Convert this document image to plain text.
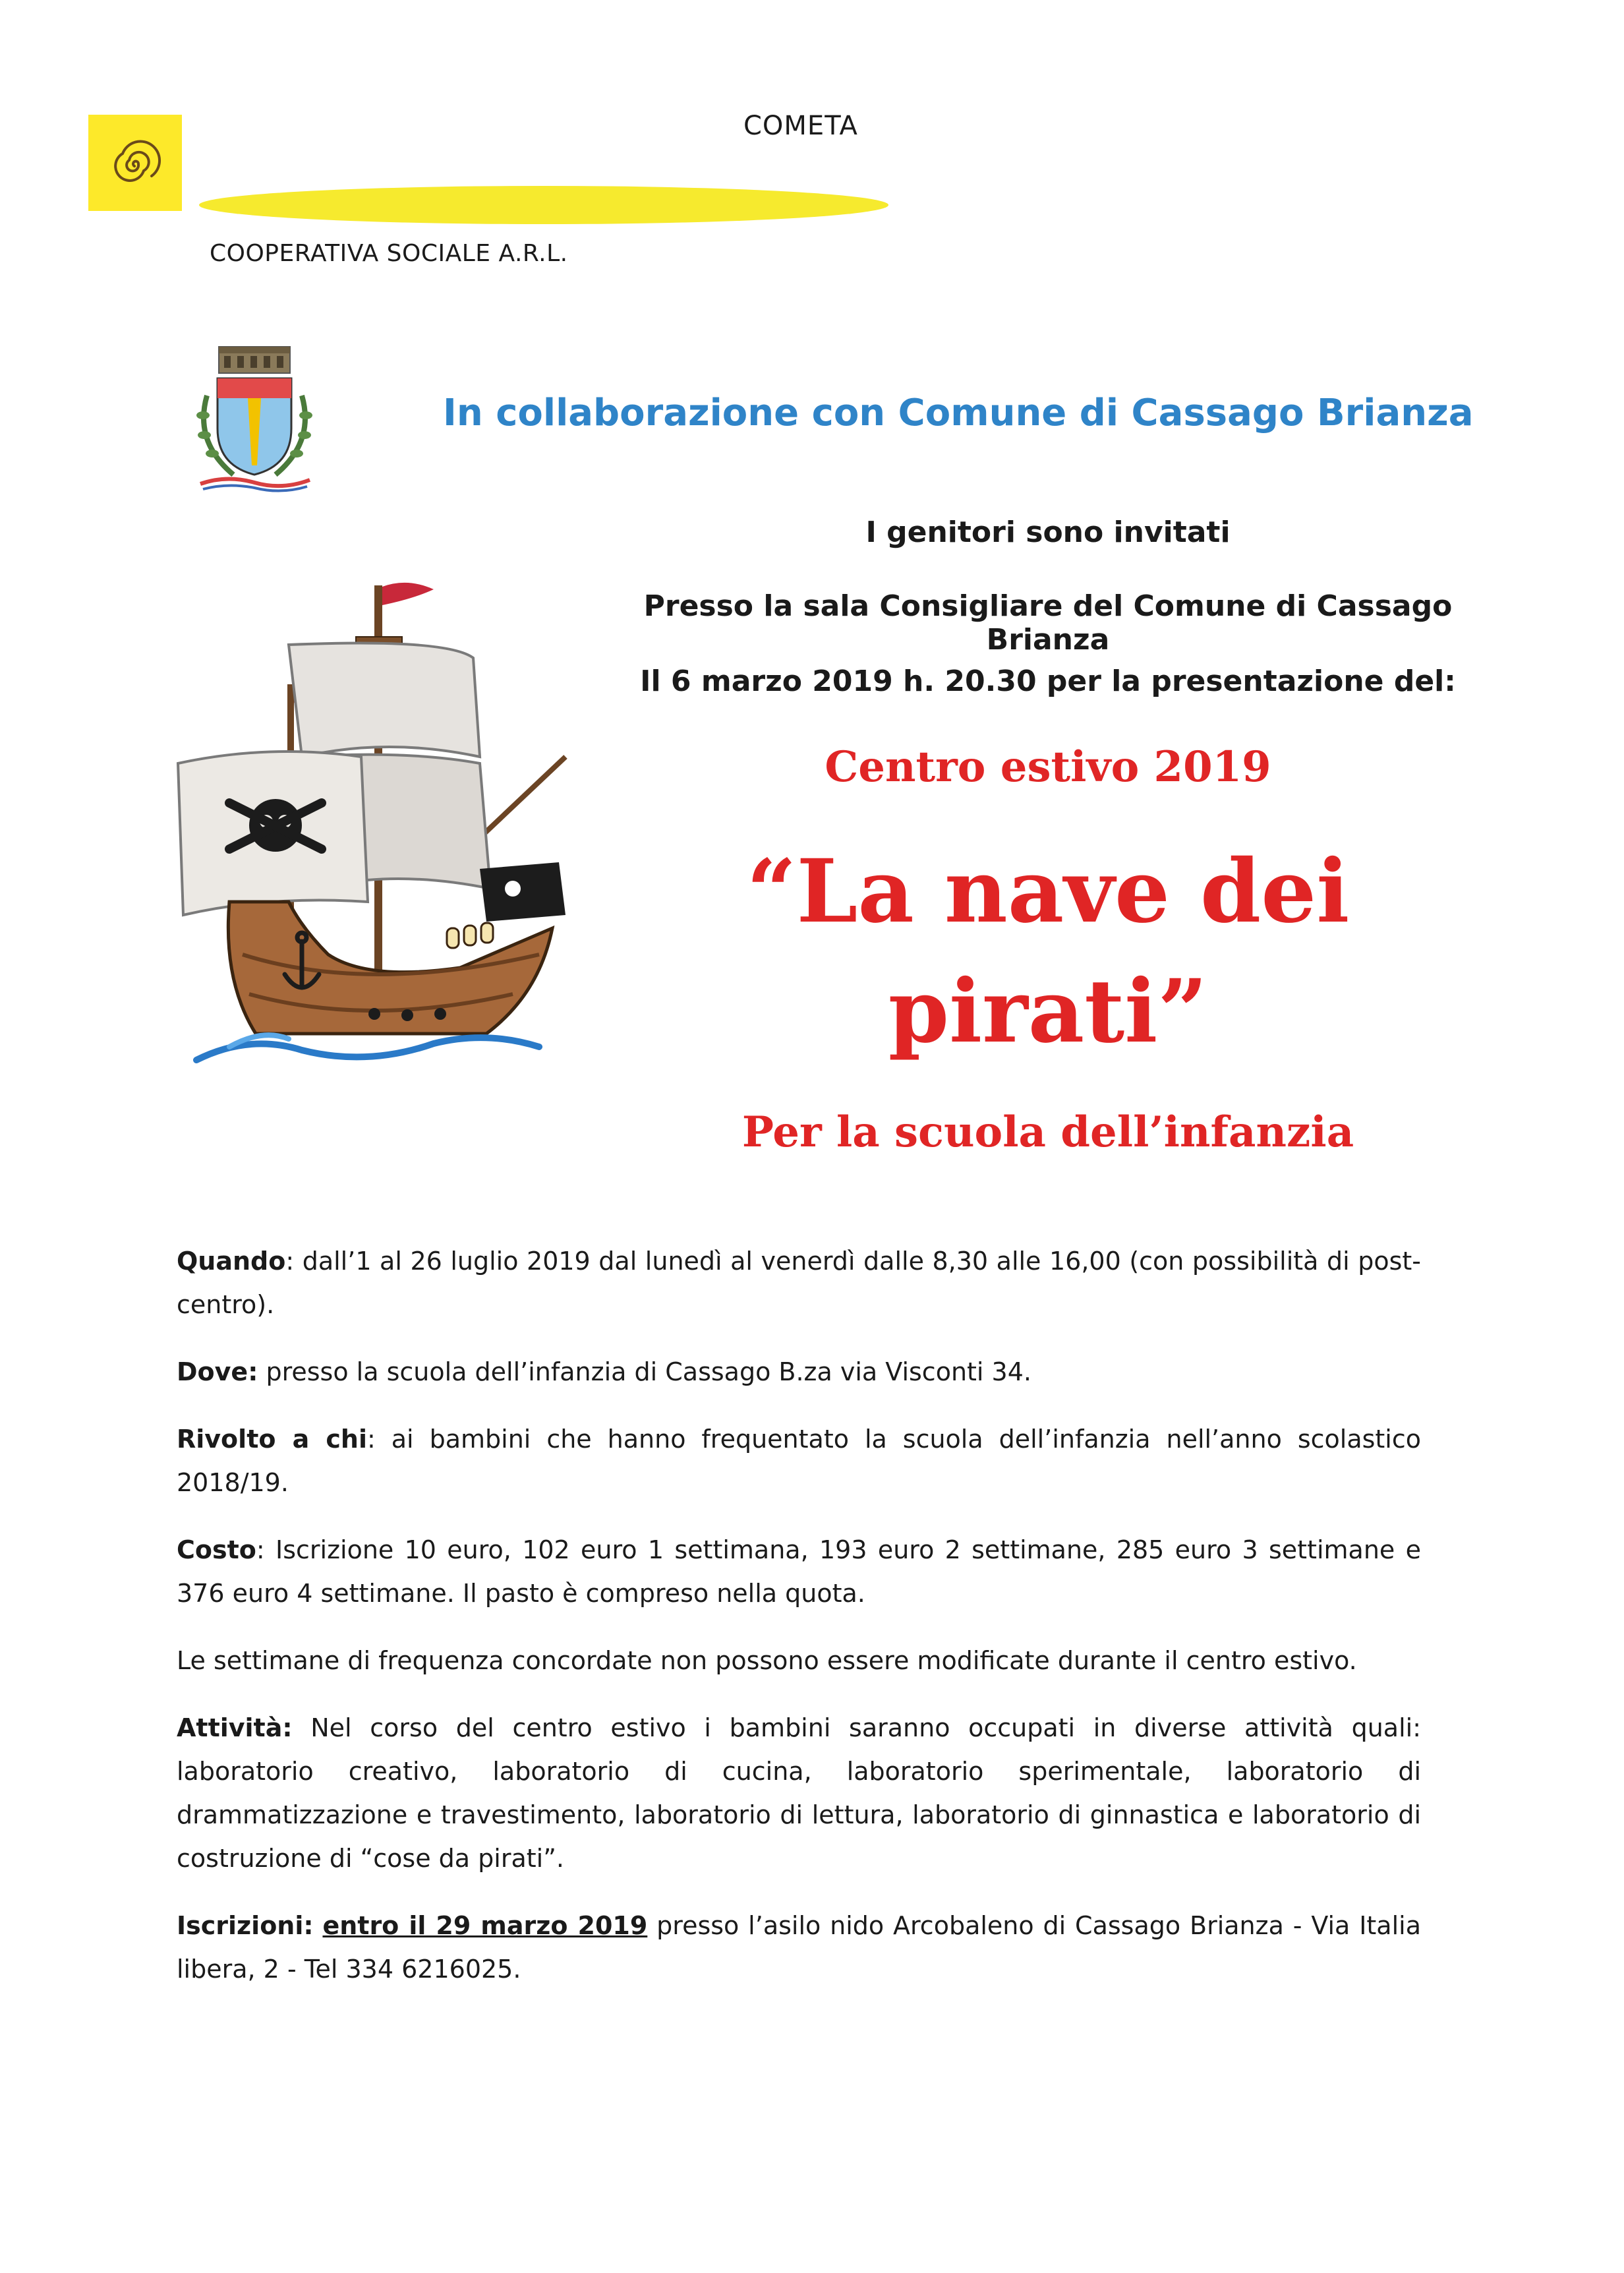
COMETA
COOPERATIVA SOCIALE A.R.L.
In collaborazione con Comune di Cassago Brianza
I genitori sono invitati
Presso la sala Consigliare del Comune di Cassago Brianza
Il 6 marzo 2019 h. 20.30 per la presentazione del:
Centro estivo 2019
“La nave dei pirati”
Per la scuola dell’infanzia

Quando: dall’1 al 26 luglio 2019 dal lunedì al venerdì dalle 8,30 alle 16,00 (con possibilità di post-centro).

Dove: presso la scuola dell’infanzia di Cassago B.za via Visconti 34.

Rivolto a chi: ai bambini che hanno frequentato la scuola dell’infanzia nell’anno scolastico 2018/19.

Costo: Iscrizione 10 euro, 102 euro 1 settimana, 193 euro 2 settimane, 285 euro 3 settimane e 376 euro 4 settimane. Il pasto è compreso nella quota.

Le settimane di frequenza concordate non possono essere modificate durante il centro estivo.

Attività: Nel corso del centro estivo i bambini saranno occupati in diverse attività quali: laboratorio creativo, laboratorio di cucina, laboratorio sperimentale, laboratorio di drammatizzazione e travestimento, laboratorio di lettura, laboratorio di ginnastica e laboratorio di costruzione di “cose da pirati”.

Iscrizioni: entro il 29 marzo 2019 presso l’asilo nido Arcobaleno di Cassago Brianza - Via Italia libera, 2 - Tel 334 6216025.
